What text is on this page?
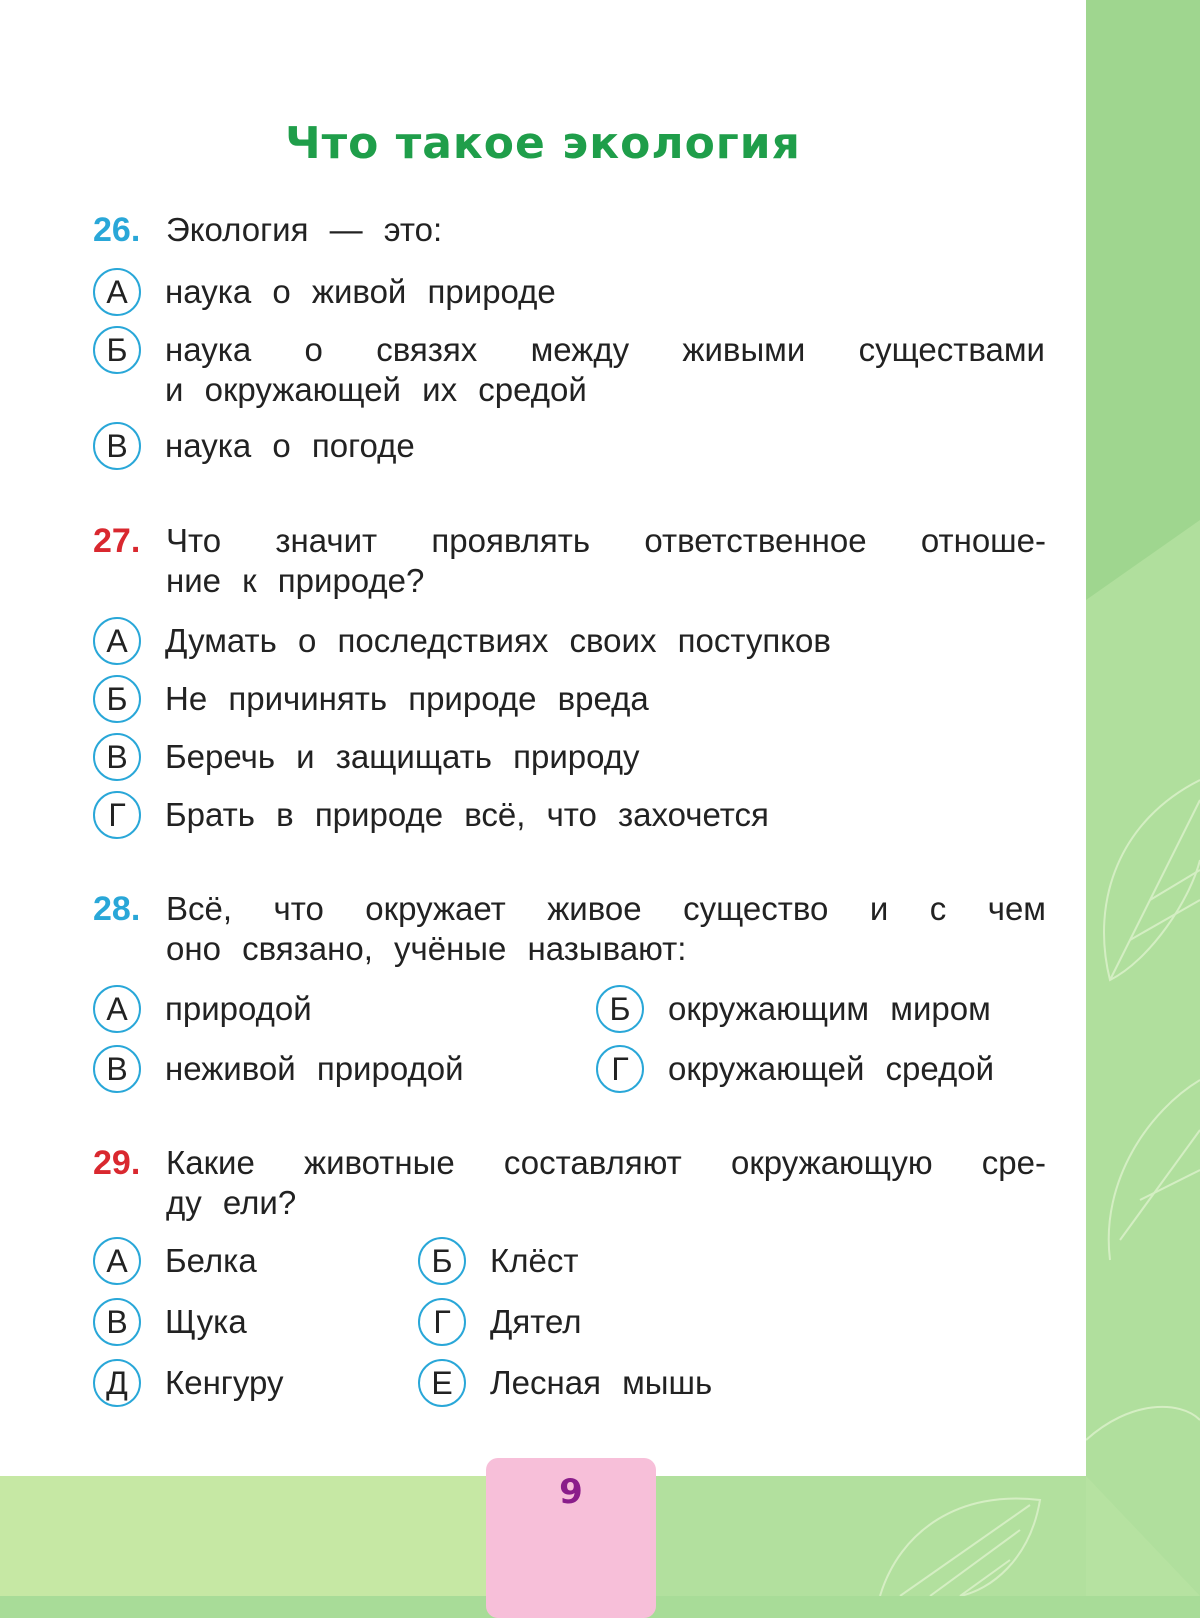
Что такое экология
26. Экология — это:
А	наука о живой природе
Б	наука о связях между живыми существами
и окружающей их средой
В	наука о погоде
27. Что значит проявлять ответственное отноше-
ние к природе?
А	Думать о последствиях своих поступков
Б	Не причинять природе вреда
В	Беречь и защищать природу
Г	Брать в природе всё, что захочется
28. Всё, что окружает живое существо и с чем
оно связано, учёные называют:
А	природой	Б	окружающим миром
В	неживой природой	Г	окружающей средой
29. Какие животные составляют окружающую сре-
ду ели?
А	Белка	Б	Клёст
В	Щука	Г	Дятел
Д	Кенгуру	Е	Лесная мышь
9
